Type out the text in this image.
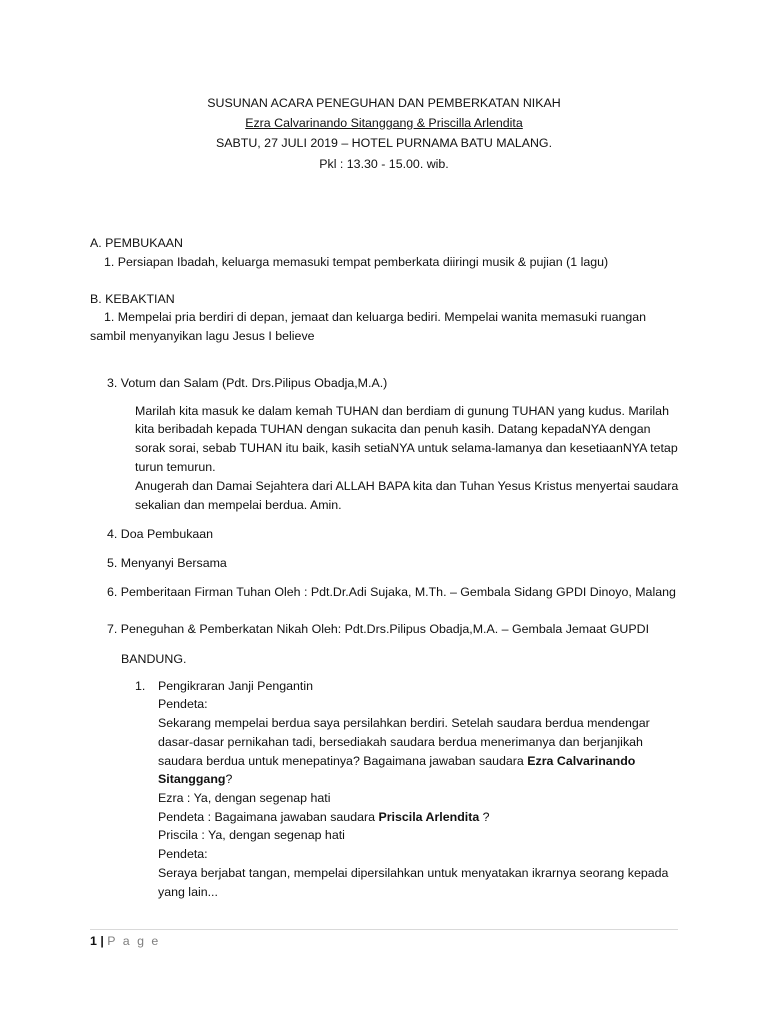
SUSUNAN ACARA PENEGUHAN DAN PEMBERKATAN NIKAH
Ezra Calvarinando Sitanggang & Priscilla Arlendita
SABTU, 27 JULI 2019 – HOTEL PURNAMA BATU MALANG.
Pkl : 13.30 - 15.00. wib.
A. PEMBUKAAN
1. Persiapan Ibadah, keluarga memasuki tempat pemberkata diiringi musik & pujian (1 lagu)
B. KEBAKTIAN
1. Mempelai pria berdiri di depan, jemaat dan keluarga bediri. Mempelai wanita memasuki ruangan
sambil menyanyikan lagu Jesus I believe
3. Votum dan Salam (Pdt. Drs.Pilipus Obadja,M.A.)
Marilah kita masuk ke dalam kemah TUHAN dan berdiam di gunung TUHAN yang kudus. Marilah
kita beribadah kepada TUHAN dengan sukacita dan penuh kasih. Datang kepadaNYA dengan
sorak sorai, sebab TUHAN itu baik, kasih setiaNYA untuk selama-lamanya dan kesetiaanNYA tetap
turun temurun.
Anugerah dan Damai Sejahtera dari ALLAH BAPA kita dan Tuhan Yesus Kristus menyertai saudara
sekalian dan mempelai berdua. Amin.
4. Doa Pembukaan
5. Menyanyi Bersama
6. Pemberitaan Firman Tuhan Oleh : Pdt.Dr.Adi Sujaka, M.Th. – Gembala Sidang GPDI Dinoyo, Malang
7. Peneguhan & Pemberkatan Nikah Oleh: Pdt.Drs.Pilipus Obadja,M.A. – Gembala Jemaat GUPDI
BANDUNG.
1. Pengikraran Janji Pengantin
Pendeta:
Sekarang mempelai berdua saya persilahkan berdiri. Setelah saudara berdua mendengar
dasar-dasar pernikahan tadi, bersediakah saudara berdua menerimanya dan berjanjikah
saudara berdua untuk menepatinya? Bagaimana jawaban saudara Ezra Calvarinando
Sitanggang?
Ezra : Ya, dengan segenap hati
Pendeta : Bagaimana jawaban saudara Priscila Arlendita ?
Priscila : Ya, dengan segenap hati
Pendeta:
Seraya berjabat tangan, mempelai dipersilahkan untuk menyatakan ikrarnya seorang kepada
yang lain...
1 | P a g e
